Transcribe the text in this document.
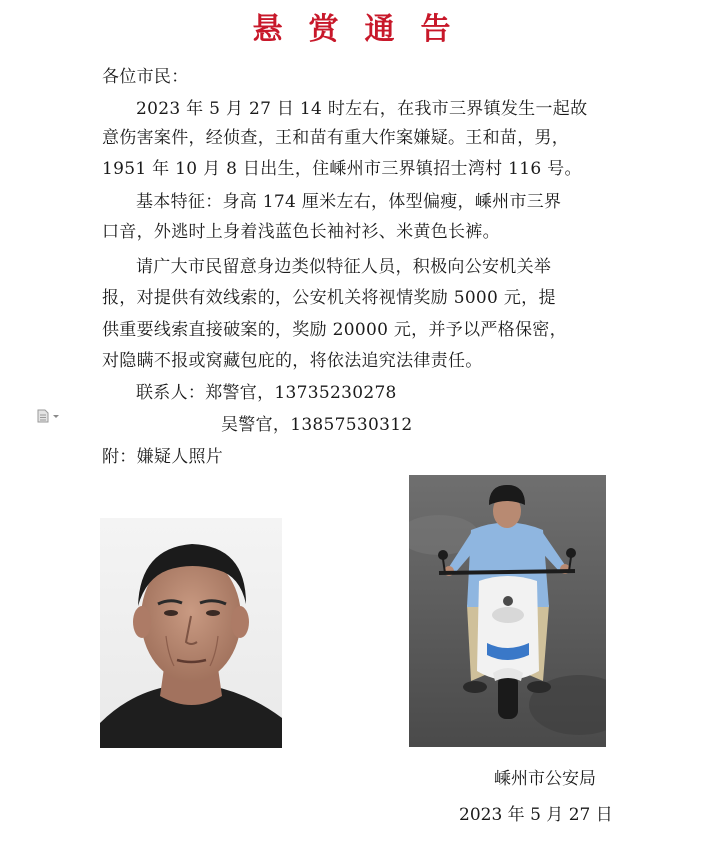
悬赏通告
各位市民：
2023 年 5 月 27 日 14 时左右，在我市三界镇发生一起故
意伤害案件，经侦查，王和苗有重大作案嫌疑。王和苗，男，
1951 年 10 月 8 日出生，住嵊州市三界镇招士湾村 116 号。
基本特征：身高 174 厘米左右，体型偏瘦，嵊州市三界
口音，外逃时上身着浅蓝色长袖衬衫、米黄色长裤。
请广大市民留意身边类似特征人员，积极向公安机关举
报，对提供有效线索的，公安机关将视情奖励 5000 元，提
供重要线索直接破案的，奖励 20000 元，并予以严格保密，
对隐瞒不报或窝藏包庇的，将依法追究法律责任。
联系人：郑警官，13735230278
吴警官，13857530312
附：嫌疑人照片
嵊州市公安局
2023 年 5 月 27 日
